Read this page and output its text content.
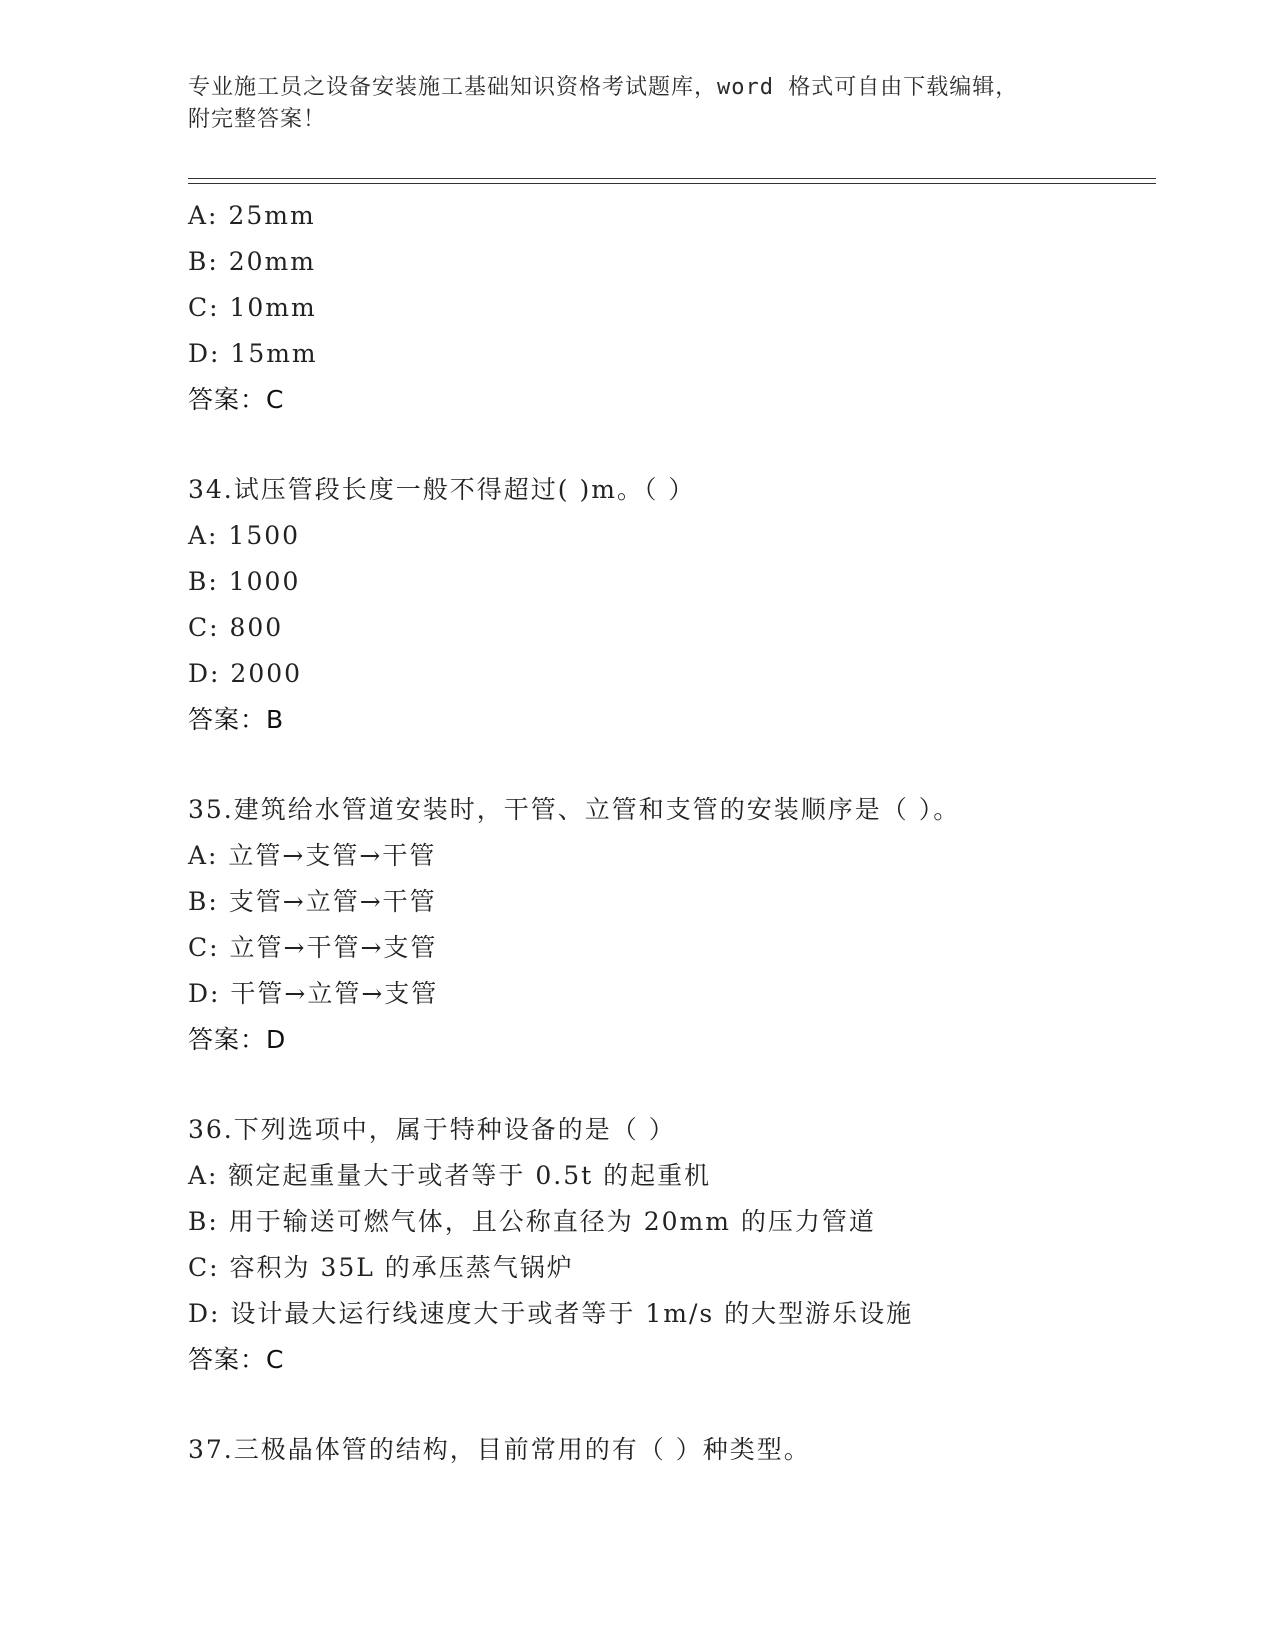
专业施工员之设备安装施工基础知识资格考试题库，word 格式可自由下载编辑，
附完整答案！
A: 25mm
B: 20mm
C: 10mm
D: 15mm
答案：C
34.试压管段长度一般不得超过( )m。（ ）
A: 1500
B: 1000
C: 800
D: 2000
答案：B
35.建筑给水管道安装时，干管、立管和支管的安装顺序是（ ）。
A: 立管→支管→干管
B: 支管→立管→干管
C: 立管→干管→支管
D: 干管→立管→支管
答案：D
36.下列选项中，属于特种设备的是（ ）
A: 额定起重量大于或者等于 0.5t 的起重机
B: 用于输送可燃气体，且公称直径为 20mm 的压力管道
C: 容积为 35L 的承压蒸气锅炉
D: 设计最大运行线速度大于或者等于 1m/s 的大型游乐设施
答案：C
37.三极晶体管的结构，目前常用的有（ ）种类型。
